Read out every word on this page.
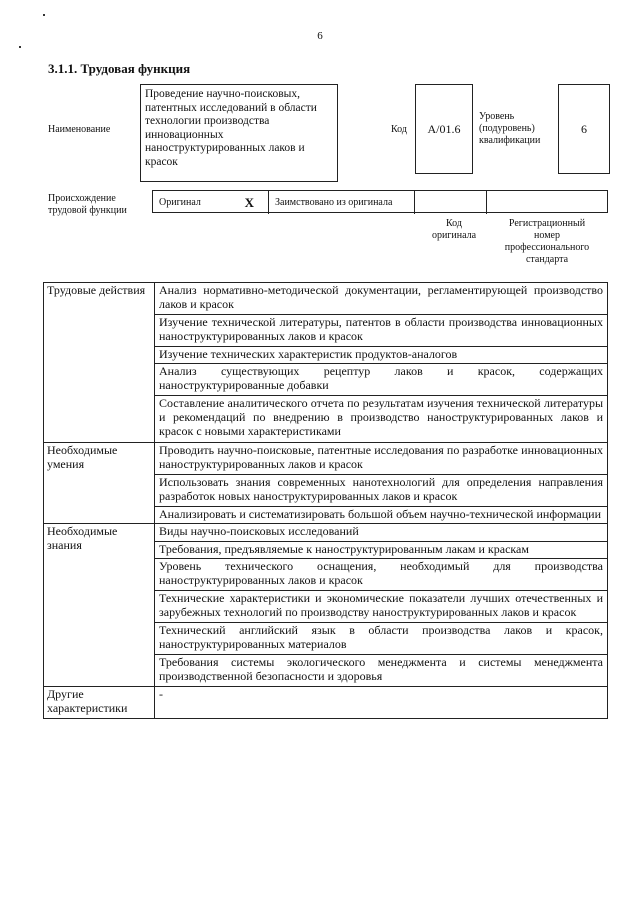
6
3.1.1. Трудовая функция
Наименование
Проведение научно-поисковых, патентных исследований в области технологии производства инновационных наноструктурированных лаков и красок
Код	A/01.6
Уровень (подуровень) квалификации
6
Происхождение трудовой функции
Оригинал	X Заимствовано из оригинала
Код оригинала
Регистрационный номер профессионального стандарта
Трудовые действия	Анализ нормативно-методической документации, регламентирующей производство лаков и красок
	Изучение технической литературы, патентов в области производства инновационных наноструктурированных лаков и красок
	Изучение технических характеристик продуктов-аналогов
	Анализ существующих рецептур лаков и красок, содержащих наноструктурированные добавки
	Составление аналитического отчета по результатам изучения технической литературы и рекомендаций по внедрению в производство наноструктурированных лаков и красок с новыми характеристиками
Необходимые умения	Проводить научно-поисковые, патентные исследования по разработке инновационных наноструктурированных лаков и красок
	Использовать знания современных нанотехнологий для определения направления разработок новых наноструктурированных лаков и красок
	Анализировать и систематизировать большой объем научно-технической информации
Необходимые знания	Виды научно-поисковых исследований
	Требования, предъявляемые к наноструктурированным лакам и краскам
	Уровень технического оснащения, необходимый для производства наноструктурированных лаков и красок
	Технические характеристики и экономические показатели лучших отечественных и зарубежных технологий по производству наноструктурированных лаков и красок
	Технический английский язык в области производства лаков и красок, наноструктурированных материалов
	Требования системы экологического менеджмента и системы менеджмента производственной безопасности и здоровья
Другие характеристики	-
